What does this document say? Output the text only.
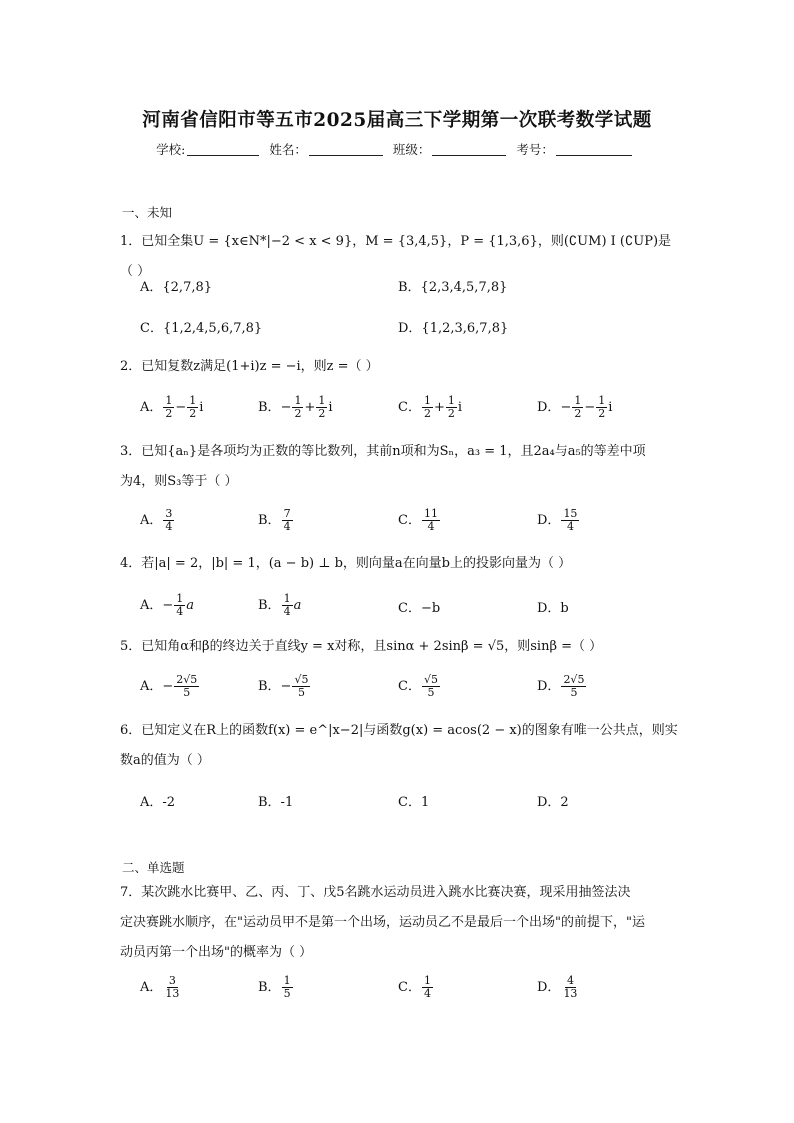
河南省信阳市等五市2025届高三下学期第一次联考数学试题
学校:	姓名：	班级：	考号：
一、未知
1．已知全集U = {x∈N*|−2 < x < 9}，M = {3,4,5}，P = {1,3,6}，则(∁UM) I (∁UP)是（ ）
A．{2,7,8}	B．{2,3,4,5,7,8}
C．{1,2,4,5,6,7,8}	D．{1,2,3,6,7,8}
2．已知复数z满足(1+i)z = −i，则z =（ ）
A． $\frac{1}{2} - \frac{1}{2}$ i	B．− $\frac{1}{2} + \frac{1}{2}$ i	C． $\frac{1}{2} + \frac{1}{2}$ i	D．− $\frac{1}{2} - \frac{1}{2}$ i
3．已知{aₙ}是各项均为正数的等比数列，其前n项和为Sₙ，a₃ = 1，且2a₄与a₅的等差中项
为4，则S₃等于（ ）
A． $\frac{3}{4}$	B． $\frac{7}{4}$	C． $\frac{11}{4}$	D． $\frac{15}{4}$
4．若|a| = 2，|b| = 1，(a − b) ⊥ b，则向量a在向量b上的投影向量为（ ）
A．− $\frac{1}{4}$ a	B． $\frac{1}{4}$ a	C．−b	D．b
5．已知角α和β的终边关于直线y = x对称，且sinα + 2sinβ = √5，则sinβ =（ ）
A．− $\frac{2√5}{5}$	B．− $\frac{√5}{5}$	C． $\frac{√5}{5}$	D． $\frac{2√5}{5}$
6．已知定义在R上的函数f(x) = e^|x−2|与函数g(x) = acos(2 − x)的图象有唯一公共点，则实
数a的值为（ ）
A．-2	B．-1	C．1	D．2
二、单选题
7．某次跳水比赛甲、乙、丙、丁、戊5名跳水运动员进入跳水比赛决赛，现采用抽签法决
定决赛跳水顺序，在"运动员甲不是第一个出场，运动员乙不是最后一个出场"的前提下，"运
动员丙第一个出场"的概率为（ ）
A． $\frac{3}{13}$	B． $\frac{1}{5}$	C． $\frac{1}{4}$	D． $\frac{4}{13}$
